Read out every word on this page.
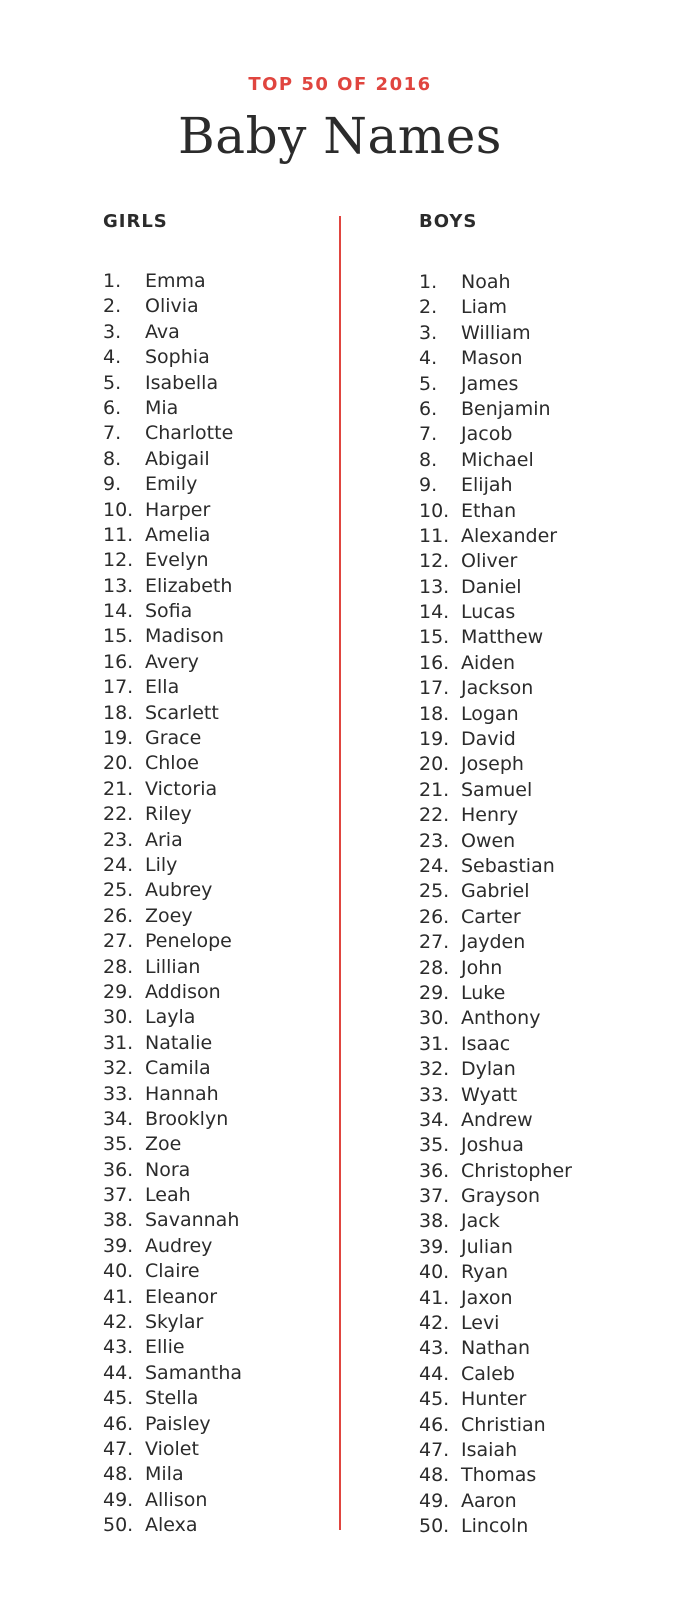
TOP 50 OF 2016
Baby Names
GIRLS
1. Emma
2. Olivia
3. Ava
4. Sophia
5. Isabella
6. Mia
7. Charlotte
8. Abigail
9. Emily
10. Harper
11. Amelia
12. Evelyn
13. Elizabeth
14. Sofia
15. Madison
16. Avery
17. Ella
18. Scarlett
19. Grace
20. Chloe
21. Victoria
22. Riley
23. Aria
24. Lily
25. Aubrey
26. Zoey
27. Penelope
28. Lillian
29. Addison
30. Layla
31. Natalie
32. Camila
33. Hannah
34. Brooklyn
35. Zoe
36. Nora
37. Leah
38. Savannah
39. Audrey
40. Claire
41. Eleanor
42. Skylar
43. Ellie
44. Samantha
45. Stella
46. Paisley
47. Violet
48. Mila
49. Allison
50. Alexa
BOYS
1. Noah
2. Liam
3. William
4. Mason
5. James
6. Benjamin
7. Jacob
8. Michael
9. Elijah
10. Ethan
11. Alexander
12. Oliver
13. Daniel
14. Lucas
15. Matthew
16. Aiden
17. Jackson
18. Logan
19. David
20. Joseph
21. Samuel
22. Henry
23. Owen
24. Sebastian
25. Gabriel
26. Carter
27. Jayden
28. John
29. Luke
30. Anthony
31. Isaac
32. Dylan
33. Wyatt
34. Andrew
35. Joshua
36. Christopher
37. Grayson
38. Jack
39. Julian
40. Ryan
41. Jaxon
42. Levi
43. Nathan
44. Caleb
45. Hunter
46. Christian
47. Isaiah
48. Thomas
49. Aaron
50. Lincoln
